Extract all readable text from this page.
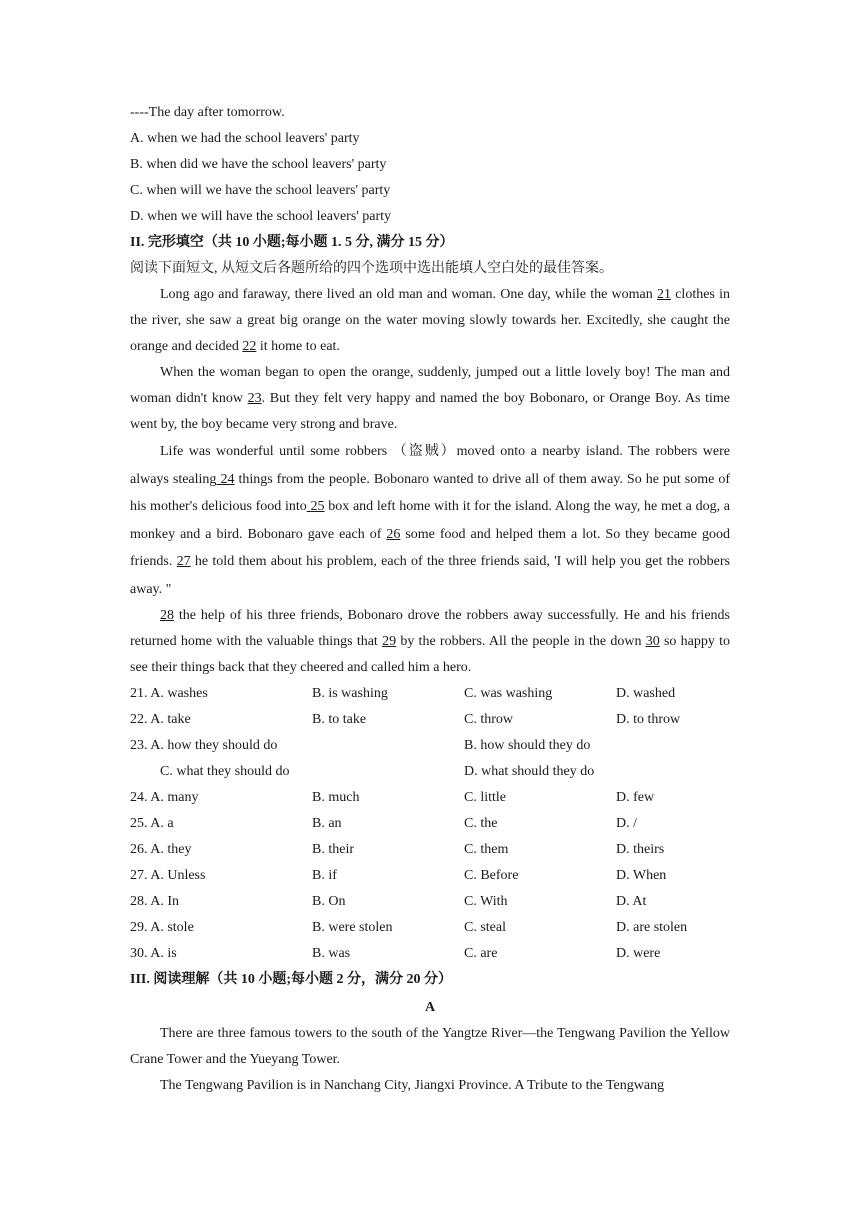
----The day after tomorrow.
A. when we had the school leavers' party
B. when did we have the school leavers' party
C. when will we have the school leavers' party
D. when we will have the school leavers' party
II. 完形填空（共 10 小题;每小题 1. 5 分, 满分 15 分）
阅读下面短文, 从短文后各题所给的四个选项中选出能填人空白处的最佳答案。

Long ago and faraway, there lived an old man and woman. One day, while the woman 21 clothes in the river, she saw a great big orange on the water moving slowly towards her. Excitedly, she caught the orange and decided 22 it home to eat.

When the woman began to open the orange, suddenly, jumped out a little lovely boy! The man and woman didn't know 23. But they felt very happy and named the boy Bobonaro, or Orange Boy. As time went by, the boy became very strong and brave.

Life was wonderful until some robbers （盗贼）moved onto a nearby island. The robbers were always stealing 24 things from the people. Bobonaro wanted to drive all of them away. So he put some of his mother's delicious food into 25 box and left home with it for the island. Along the way, he met a dog, a monkey and a bird. Bobonaro gave each of 26 some food and helped them a lot. So they became good friends. 27 he told them about his problem, each of the three friends said, 'I will help you get the robbers away. "

28 the help of his three friends, Bobonaro drove the robbers away successfully. He and his friends returned home with the valuable things that 29 by the robbers. All the people in the down 30 so happy to see their things back that they cheered and called him a hero.

21. A. washes	B. is washing	C. was washing	D. washed
22. A. take	B. to take	C. throw	D. to throw
23. A. how they should do	B. how should they do
C. what they should do	D. what should they do
24. A. many	B. much	C. little	D. few
25. A. a	B. an	C. the	D. /
26. A. they	B. their	C. them	D. theirs
27. A. Unless	B. if	C. Before	D. When
28. A. In	B. On	C. With	D. At
29. A. stole	B. were stolen	C. steal	D. are stolen
30. A. is	B. was	C. are	D. were
III. 阅读理解（共 10 小题;每小题 2 分，满分 20 分）
A

There are three famous towers to the south of the Yangtze River—the Tengwang Pavilion the Yellow Crane Tower and the Yueyang Tower.

The Tengwang Pavilion is in Nanchang City, Jiangxi Province. A Tribute to the Tengwang
